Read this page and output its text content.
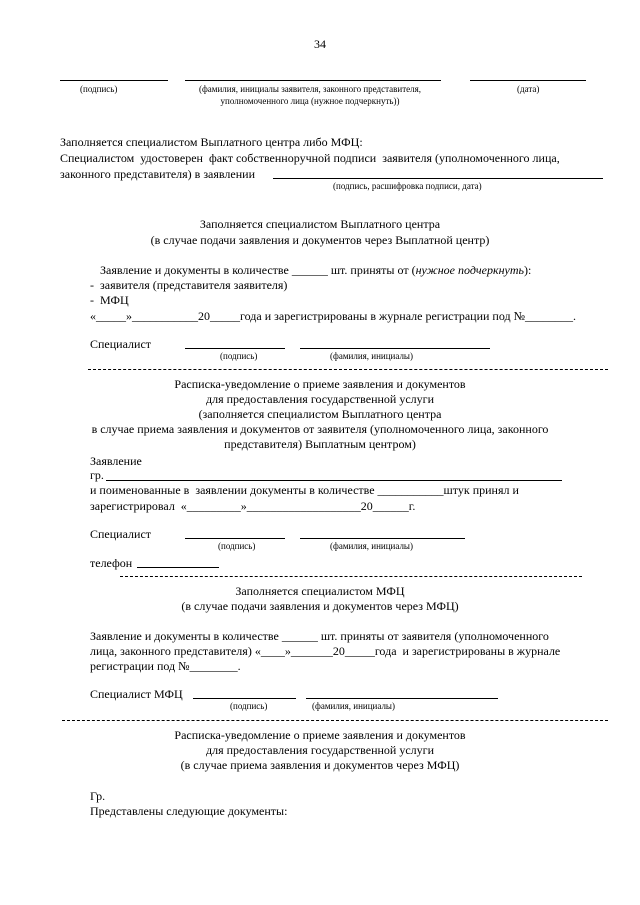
34
(подпись)	(фамилия, инициалы заявителя, законного представителя,
уполномоченного лица (нужное подчеркнуть))
(дата)
Заполняется специалистом Выплатного центра либо МФЦ:
Специалистом  удостоверен  факт собственноручной подписи  заявителя (уполномоченного лица,
законного представителя) в заявлении
(подпись, расшифровка подписи, дата)
Заполняется специалистом Выплатного центра
(в случае подачи заявления и документов через Выплатной центр)
Заявление и документы в количестве ______ шт. приняты от (нужное подчеркнуть):
-  заявителя (представителя заявителя)
-  МФЦ
«_____»___________20_____года и зарегистрированы в журнале регистрации под №________.
Специалист
(подпись)	(фамилия, инициалы)
Расписка-уведомление о приеме заявления и документов
для предоставления государственной услуги
(заполняется специалистом Выплатного центра
в случае приема заявления и документов от заявителя (уполномоченного лица, законного
представителя) Выплатным центром)
Заявление
гр.
и поименованные в  заявлении документы в количестве ___________штук принял и
зарегистрировал  «_________»___________________20______г.
Специалист
(подпись)	(фамилия, инициалы)
телефон
Заполняется специалистом МФЦ
(в случае подачи заявления и документов через МФЦ)
Заявление и документы в количестве ______ шт. приняты от заявителя (уполномоченного
лица, законного представителя) «____»_______20_____года  и зарегистрированы в журнале
регистрации под №________.
Специалист МФЦ
(подпись)	(фамилия, инициалы)
Расписка-уведомление о приеме заявления и документов
для предоставления государственной услуги
(в случае приема заявления и документов через МФЦ)
Гр.
Представлены следующие документы:
